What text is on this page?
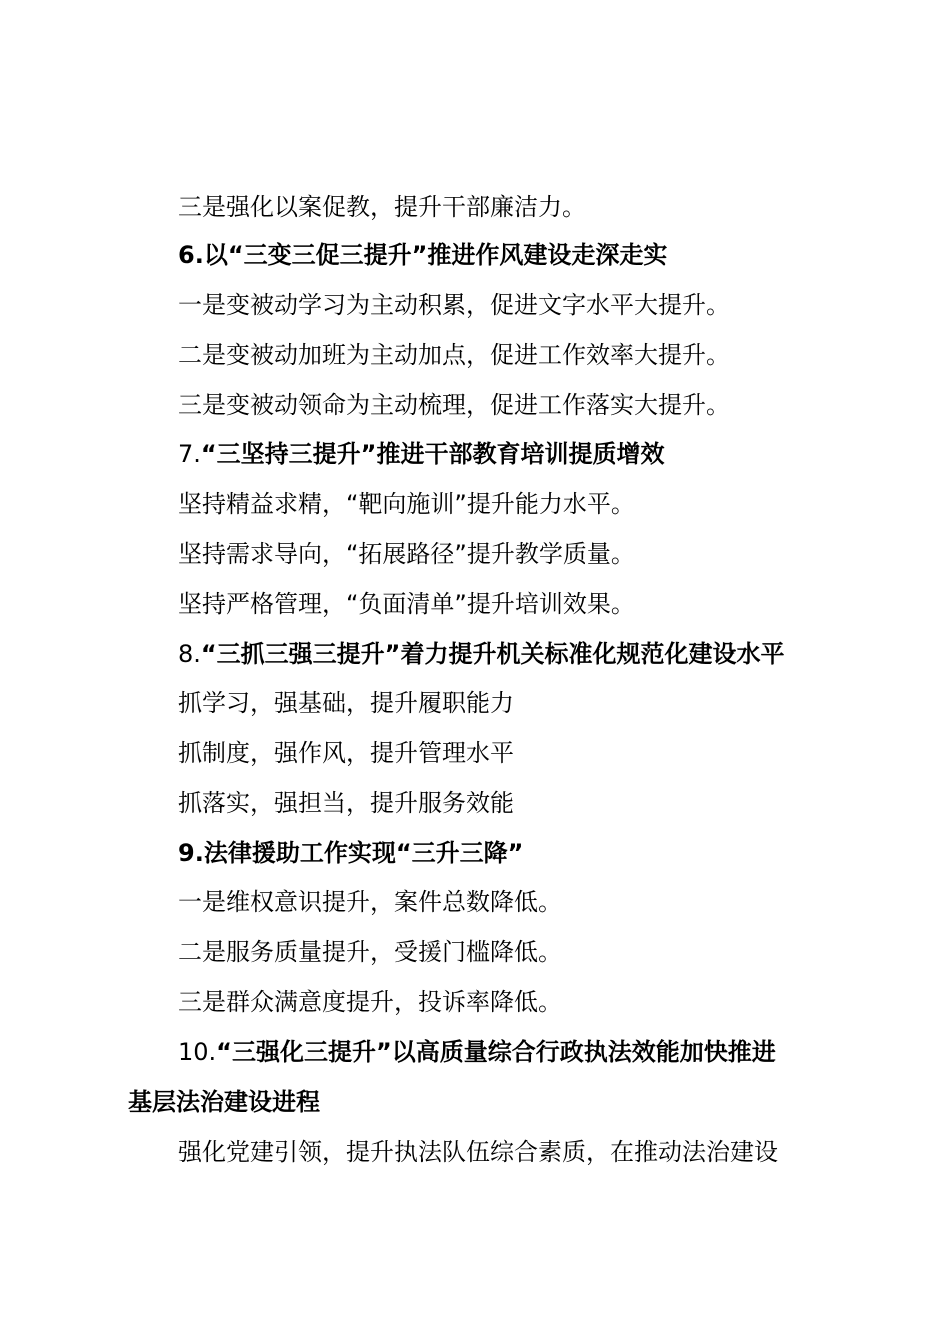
三是强化以案促教，提升干部廉洁力。
6.以“三变三促三提升”推进作风建设走深走实
一是变被动学习为主动积累，促进文字水平大提升。
二是变被动加班为主动加点，促进工作效率大提升。
三是变被动领命为主动梳理，促进工作落实大提升。
7.“三坚持三提升”推进干部教育培训提质增效
坚持精益求精，“靶向施训”提升能力水平。
坚持需求导向，“拓展路径”提升教学质量。
坚持严格管理，“负面清单”提升培训效果。
8.“三抓三强三提升”着力提升机关标准化规范化建设水平
抓学习，强基础，提升履职能力
抓制度，强作风，提升管理水平
抓落实，强担当，提升服务效能
9.法律援助工作实现“三升三降”
一是维权意识提升，案件总数降低。
二是服务质量提升，受援门槛降低。
三是群众满意度提升，投诉率降低。
10.“三强化三提升”以高质量综合行政执法效能加快推进
基层法治建设进程
强化党建引领，提升执法队伍综合素质，在推动法治建设
